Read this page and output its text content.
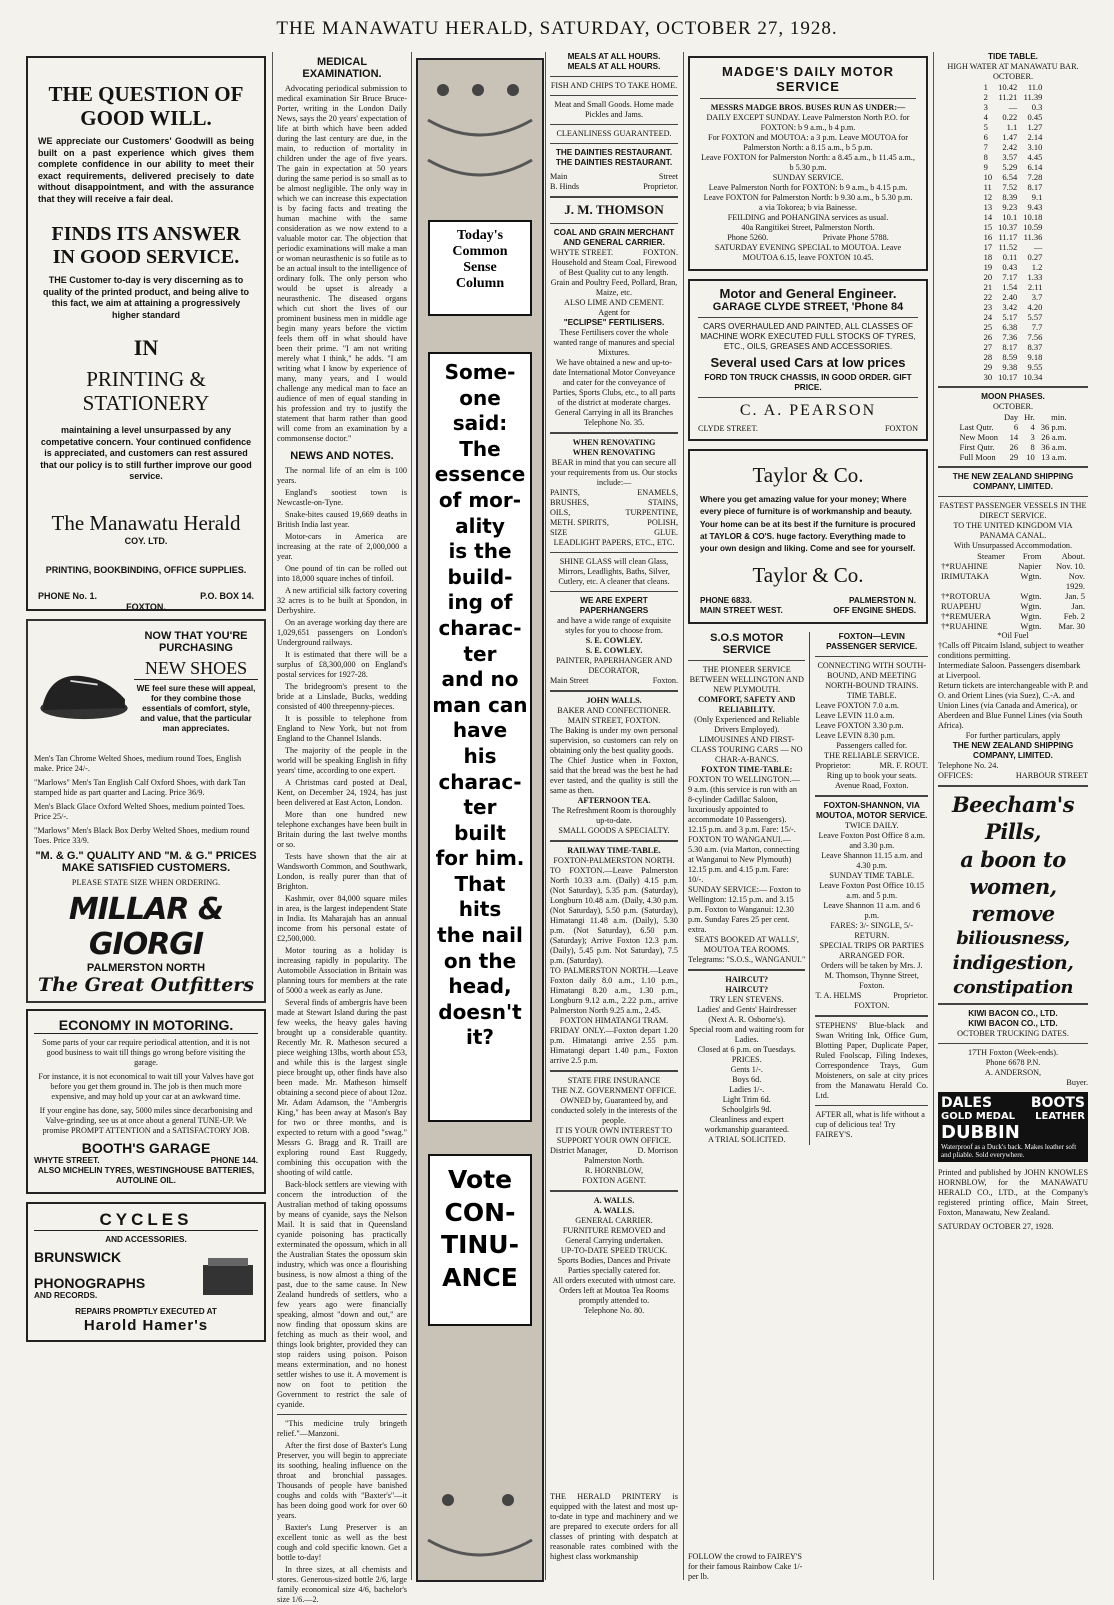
THE MANAWATU HERALD, SATURDAY, OCTOBER 27, 1928.
THE QUESTION OF GOOD WILL.

WE appreciate our Customers' Goodwill as being built on a past experience which gives them complete confidence in our ability to meet their exact requirements, delivered precisely to date without disappointment, and with the assurance that they will receive a fair deal.

FINDS ITS ANSWER IN GOOD SERVICE.

THE Customer to-day is very discerning as to quality of the printed product, and being alive to this fact, we aim at attaining a progressively higher standard

IN
PRINTING & STATIONERY

maintaining a level unsurpassed by any competative concern. Your continued confidence is appreciated, and customers can rest assured that our policy is to still further improve our good service.

The Manawatu Herald
COY. LTD.
PRINTING, BOOKBINDING, OFFICE SUPPLIES.
PHONE No. 1.	P.O. BOX 14.
FOXTON.
NOW THAT YOU'RE PURCHASING
NEW SHOES

WE feel sure these will appeal, for they combine those essentials of comfort, style, and value, that the particular man appreciates.

Men's Tan Chrome Welted Shoes, medium round Toes, English make. Price 24/-.

"Marlows" Men's Tan English Calf Oxford Shoes, with dark Tan stamped hide as part quarter and Lacing. Price 36/9.

Men's Black Glace Oxford Welted Shoes, medium pointed Toes. Price 25/-.

"Marlows" Men's Black Box Derby Welted Shoes, medium round Toes. Price 33/9.

"M. & G." QUALITY AND "M. & G." PRICES MAKE SATISFIED CUSTOMERS.
PLEASE STATE SIZE WHEN ORDERING.
MILLAR & GIORGI
PALMERSTON NORTH
The Great Outfitters
ECONOMY IN MOTORING.

Some parts of your car require periodical attention, and it is not good business to wait till things go wrong before visiting the garage.

For instance, it is not economical to wait till your Valves have got before you get them ground in. The job is then much more expensive, and may hold up your car at an awkward time.

If your engine has done, say, 5000 miles since decarbonising and Valve-grinding, see us at once about a general TUNE-UP. We promise PROMPT ATTENTION and a SATISFACTORY JOB.

BOOTH'S GARAGE
WHYTE STREET.	PHONE 144.
ALSO MICHELIN TYRES, WESTINGHOUSE BATTERIES, AUTOLINE OIL.
CYCLES
AND ACCESSORIES.
BRUNSWICK
PHONOGRAPHS
AND RECORDS.
REPAIRS PROMPTLY EXECUTED AT
Harold Hamer's
MEDICAL EXAMINATION.

Advocating periodical submission to medical examination Sir Bruce Bruce-Porter, writing in the London Daily News, says the 20 years' expectation of life at birth which have been added during the last century are due, in the main, to reduction of mortality in children under the age of five years. The gain in expectation at 50 years during the same period is so small as to be almost negligible. The only way in which we can increase this expectation is by facing facts and treating the human machine with the same consideration as we now extend to a valuable motor car. The objection that periodic examinations will make a man or woman neurasthenic is so futile as to be an actual insult to the intelligence of ordinary folk. The only person who would be upset is already a neurasthenic. The diseased organs which cut short the lives of our prominent business men in middle age begin many years before the victim feels them off in what should have been their prime. "I am not writing merely what I think," he adds. "I am writing what I know by experience of many, many years, and I would challenge any medical man to face an audience of men of equal standing in his profession and try to justify the statement that harm rather than good will come from an examination by a commonsense doctor."

NEWS AND NOTES.

The normal life of an elm is 100 years.

England's sootiest town is Newcastle-on-Tyne.

Snake-bites caused 19,669 deaths in British India last year.

Motor-cars in America are increasing at the rate of 2,000,000 a year.

One pound of tin can be rolled out into 18,000 square inches of tinfoil.

A new artificial silk factory covering 32 acres is to be built at Spondon, in Derbyshire.

On an average working day there are 1,029,651 passengers on London's Underground railways.

It is estimated that there will be a surplus of £8,300,000 on England's postal services for 1927-28.

The bridegroom's present to the bride at a Linslade, Bucks, wedding consisted of 400 threepenny-pieces.

It is possible to telephone from England to New York, but not from England to the Channel Islands.

The majority of the people in the world will be speaking English in fifty years' time, according to one expert.

A Christmas card posted at Deal, Kent, on December 24, 1924, has just been delivered at East Acton, London.

More than one hundred new telephone exchanges have been built in Britain during the last twelve months or so.

Tests have shown that the air at Wandsworth Common, and Southwark, London, is really purer than that of Brighton.

Kashmir, over 84,000 square miles in area, is the largest independent State in India. Its Maharajah has an annual income from his personal estate of £2,500,000.

Motor touring as a holiday is increasing rapidly in popularity. The Automobile Association in Britain was planning tours for members at the rate of 5000 a week as early as June.

Several finds of ambergris have been made at Stewart Island during the past few weeks, the heavy gales having brought up a considerable quantity. Recently Mr. R. Matheson secured a piece weighing 13lbs, worth about £53, and while this is the largest single piece brought up, other finds have also been made. Mr. Matheson himself obtaining a second piece of about 12oz. Mr. Adam Adamson, the "Ambergris King," has been away at Mason's Bay for two or three months, and is expected to return with a good "swag." Messrs G. Bragg and R. Traill are exploring round East Ruggedy, combining this occupation with the shooting of wild cattle.

Back-block settlers are viewing with concern the introduction of the Australian method of taking opossums by means of cyanide, says the Nelson Mail. It is said that in Queensland cyanide poisoning has practically exterminated the opossum, which in all the Australian States the opossum skin industry, which was once a flourishing business, is now almost a thing of the past, due to the same cause. In New Zealand hundreds of settlers, who a few years ago were financially speaking, almost "down and out," are now finding that opossum skins are fetching as much as their wool, and things look brighter, provided they can stop raiders using poison. Poison means extermination, and no honest settler wishes to use it. A movement is now on foot to petition the Government to restrict the sale of cyanide.

"This medicine truly bringeth relief."—Manzoni.

After the first dose of Baxter's Lung Preserver, you will begin to appreciate its soothing, healing influence on the throat and bronchial passages. Thousands of people have banished coughs and colds with "Baxter's"—it has been doing good work for over 60 years.

Baxter's Lung Preserver is an excellent tonic as well as the best cough and cold specific known. Get a bottle to-day!

In three sizes, at all chemists and stores. Generous-sized bottle 2/6, large family economical size 4/6, bachelor's size 1/6.—2.

Today's
Common
Sense
Column
Some-
one
said:
The
essence
of mor-
ality
is the
build-
ing of
charac-
ter
and no
man can
have
his
charac-
ter
built
for him.
That
hits
the nail
on the
head,
doesn't
it?
Vote
CON-
TINU-
ANCE
MEALS AT ALL HOURS.
MEALS AT ALL HOURS.
FISH AND CHIPS TO TAKE HOME.
Meat and Small Goods. Home made Pickles and Jams.
CLEANLINESS GUARANTEED.
THE DAINTIES RESTAURANT.
THE DAINTIES RESTAURANT.
Main	Street
B. Hinds	Proprietor.
J. M. THOMSON
COAL AND GRAIN MERCHANT AND GENERAL CARRIER.
WHYTE STREET.	FOXTON.
Household and Steam Coal, Firewood of Best Quality cut to any length.
Grain and Poultry Feed, Pollard, Bran, Maize, etc.
ALSO LIME AND CEMENT.
Agent for
"ECLIPSE" FERTILISERS.
These Fertilisers cover the whole wanted range of manures and special Mixtures.
We have obtained a new and up-to-date International Motor Conveyance and cater for the conveyance of Parties, Sports Clubs, etc., to all parts of the district at moderate charges.
General Carrying in all its Branches Telephone No. 35.
WHEN RENOVATING
WHEN RENOVATING
BEAR in mind that you can secure all your requirements from us. Our stocks include:—
PAINTS,	ENAMELS,
BRUSHES,	STAINS,
OILS,	TURPENTINE,
METH. SPIRITS,	POLISH,
SIZE	GLUE.
LEADLIGHT PAPERS, ETC., ETC.
SHINE GLASS will clean Glass, Mirrors, Leadlights, Baths, Silver, Cutlery, etc. A cleaner that cleans.
WE ARE EXPERT PAPERHANGERS
and have a wide range of exquisite styles for you to choose from.
S. E. COWLEY.
S. E. COWLEY.
PAINTER, PAPERHANGER AND DECORATOR,
Main Street	Foxton.
JOHN WALLS.
BAKER AND CONFECTIONER.
MAIN STREET, FOXTON.
The Baking is under my own personal supervision, so customers can rely on obtaining only the best quality goods.
The Chief Justice when in Foxton, said that the bread was the best he had ever tasted, and the quality is still the same as then.
AFTERNOON TEA.
The Refreshment Room is thoroughly up-to-date.
SMALL GOODS A SPECIALTY.
RAILWAY TIME-TABLE.
FOXTON-PALMERSTON NORTH.
TO FOXTON.—Leave Palmerston North 10.33 a.m. (Daily) 4.15 p.m. (Not Saturday), 5.35 p.m. (Saturday), Longburn 10.48 a.m. (Daily, 4.30 p.m. (Not Saturday), 5.50 p.m. (Saturday), Himatangi 11.48 a.m. (Daily), 5.30 p.m. (Not Saturday), 6.50 p.m. (Saturday); Arrive Foxton 12.3 p.m. (Daily), 5.45 p.m. Not Saturday), 7.5 p.m. (Saturday).
TO PALMERSTON NORTH.—Leave Foxton daily 8.0 a.m., 1.10 p.m., Himatangi 8.20 a.m., 1.30 p.m., Longburn 9.12 a.m., 2.22 p.m., arrive Palmerston North 9.25 a.m., 2.45.
FOXTON HIMATANGI TRAM.
FRIDAY ONLY.—Foxton depart 1.20 p.m. Himatangi arrive 2.55 p.m. Himatangi depart 1.40 p.m., Foxton arrive 2.5 p.m.
STATE FIRE INSURANCE
THE N.Z. GOVERNMENT OFFICE.
OWNED by, Guaranteed by, and conducted solely in the interests of the people.
IT IS YOUR OWN INTEREST TO SUPPORT YOUR OWN OFFICE.
District Manager,	D. Morrison
Palmerston North.
R. HORNBLOW,
FOXTON AGENT.
A. WALLS.
A. WALLS.
GENERAL CARRIER.
FURNITURE REMOVED and General Carrying undertaken.
UP-TO-DATE SPEED TRUCK.
Sports Bodies, Dances and Private Parties specially catered for.
All orders executed with utmost care.
Orders left at Moutoa Tea Rooms promptly attended to.
Telephone No. 80.
MADGE'S DAILY MOTOR SERVICE
MESSRS MADGE BROS. BUSES RUN AS UNDER:—
DAILY EXCEPT SUNDAY. Leave Palmerston North P.O. for FOXTON: b 9 a.m., b 4 p.m.
For FOXTON and MOUTOA: a 3 p.m. Leave MOUTOA for Palmerston North: a 8.15 a.m., b 5 p.m.
Leave FOXTON for Palmerston North: a 8.45 a.m., b 11.45 a.m., b 5.30 p.m.
SUNDAY SERVICE.
Leave Palmerston North for FOXTON: b 9 a.m., b 4.15 p.m.
Leave FOXTON for Palmerston North: b 9.30 a.m., b 5.30 p.m.
a via Tokorea; b via Bainesse.
FEILDING and POHANGINA services as usual.
40a Rangitikei Street, Palmerston North.
Phone 5260.	Private Phone 5788.
SATURDAY EVENING SPECIAL to MOUTOA. Leave MOUTOA 6.15, leave FOXTON 10.45.
Motor and General Engineer.
GARAGE CLYDE STREET, 'Phone 84
CARS OVERHAULED AND PAINTED, ALL CLASSES OF MACHINE WORK EXECUTED FULL STOCKS OF TYRES, ETC., OILS, GREASES AND ACCESSORIES.
Several used Cars at low prices
FORD TON TRUCK CHASSIS, IN GOOD ORDER. GIFT PRICE.
C. A. PEARSON
CLYDE STREET.	FOXTON
Taylor & Co.
Where you get amazing value for your money; Where every piece of furniture is of workmanship and beauty. Your home can be at its best if the furniture is procured at TAYLOR & CO'S. huge factory. Everything made to your own design and liking. Come and see for yourself.
Taylor & Co.
PHONE 6833.	PALMERSTON N.
MAIN STREET WEST.	OFF ENGINE SHEDS.
S.O.S MOTOR SERVICE
THE PIONEER SERVICE BETWEEN WELLINGTON AND NEW PLYMOUTH.
COMFORT, SAFETY AND RELIABILITY.
(Only Experienced and Reliable Drivers Employed).
LIMOUSINES AND FIRST-CLASS TOURING CARS — NO CHAR-A-BANCS.
FOXTON TIME-TABLE:
FOXTON TO WELLINGTON.— 9 a.m. (this service is run with an 8-cylinder Cadillac Saloon, luxuriously appointed to accommodate 10 Passengers). 12.15 p.m. and 3 p.m. Fare: 15/-.
FOXTON TO WANGANUI.— 5.30 a.m. (via Marton, connecting at Wanganui to New Plymouth) 12.15 p.m. and 4.15 p.m. Fare: 10/-.
SUNDAY SERVICE:— Foxton to Wellington: 12.15 p.m. and 3.15 p.m. Foxton to Wanganui: 12.30 p.m. Sunday Fares 25 per cent. extra.
SEATS BOOKED AT WALLS', MOUTOA TEA ROOMS.
Telegrams: "S.O.S., WANGANUI."
HAIRCUT?
HAIRCUT?
TRY LEN STEVENS.
Ladies' and Gents' Hairdresser (Next A. R. Osborne's).
Special room and waiting room for Ladies.
Closed at 6 p.m. on Tuesdays.
PRICES.
Gents 1/-.
Boys 6d.
Ladies 1/-.
Light Trim 6d.
Schoolgirls 9d.
Cleanliness and expert workmanship guaranteed.
A TRIAL SOLICITED.
FOXTON—LEVIN PASSENGER SERVICE.
CONNECTING WITH SOUTH-BOUND, AND MEETING NORTH-BOUND TRAINS.
TIME TABLE.
Leave FOXTON 7.0 a.m.
Leave LEVIN 11.0 a.m.
Leave FOXTON 3.30 p.m.
Leave LEVIN 8.30 p.m.
Passengers called for.
THE RELIABLE SERVICE.
Proprietor:	MR. F. ROUT.
Ring up to book your seats. Avenue Road, Foxton.
FOXTON-SHANNON, VIA MOUTOA, MOTOR SERVICE.
TWICE DAILY.
Leave Foxton Post Office 8 a.m. and 3.30 p.m.
Leave Shannon 11.15 a.m. and 4.30 p.m.
SUNDAY TIME TABLE.
Leave Foxton Post Office 10.15 a.m. and 5 p.m.
Leave Shannon 11 a.m. and 6 p.m.
FARES: 3/- SINGLE, 5/- RETURN.
SPECIAL TRIPS OR PARTIES ARRANGED FOR.
Orders will be taken by Mrs. J. M. Thomson, Thynne Street, Foxton.
T. A. HELMS	Proprietor.
FOXTON.
STEPHENS' Blue-black and Swan Writing Ink, Office Gum, Blotting Paper, Duplicate Paper, Ruled Foolscap, Filing Indexes, Correspondence Trays, Gum Moisteners, on sale at city prices from the Manawatu Herald Co. Ltd.
AFTER all, what is life without a cup of delicious tea! Try FAIREY'S.
THE HERALD PRINTERY is equipped with the latest and most up-to-date in type and machinery and we are prepared to execute orders for all classes of printing with despatch at reasonable rates combined with the highest class workmanship	FOLLOW the crowd to FAIREY'S for their famous Rainbow Cake 1/- per lb.
TIDE TABLE.
HIGH WATER AT MANAWATU BAR.
OCTOBER.
1	10.42	11.0
2	11.21	11.39
3	—	0.3
4	0.22	0.45
5	1.1	1.27
6	1.47	2.14
7	2.42	3.10
8	3.57	4.45
9	5.29	6.14
10	6.54	7.28
11	7.52	8.17
12	8.39	9.1
13	9.23	9.43
14	10.1	10.18
15	10.37	10.59
16	11.17	11.36
17	11.52	—
18	0.11	0.27
19	0.43	1.2
20	7.17	1.33
21	1.54	2.11
22	2.40	3.7
23	3.42	4.20
24	5.17	5.57
25	6.38	7.7
26	7.36	7.56
27	8.17	8.37
28	8.59	9.18
29	9.38	9.55
30	10.17	10.34
MOON PHASES.
OCTOBER.
	Day	Hr.	min.
Last Qutr.	6	4	36 p.m.
New Moon	14	3	26 a.m.
First Qutr.	26	8	36 a.m.
Full Moon	29	10	13 a.m.
THE NEW ZEALAND SHIPPING COMPANY, LIMITED.
FASTEST PASSENGER VESSELS IN THE DIRECT SERVICE.
TO THE UNITED KINGDOM VIA PANAMA CANAL.
With Unsurpassed Accommodation.
Steamer	From	About.
†*RUAHINE	Napier	Nov. 10.
IRIMUTAKA	Wgtn.	Nov.
		1929.
†*ROTORUA	Wgtn.	Jan. 5
RUAPEHU	Wgtn.	Jan.
†*REMUERA	Wgtn.	Feb. 2
†*RUAHINE	Wgtn.	Mar. 30
*Oil Fuel
†Calls off Pitcairn Island, subject to weather conditions permitting.
Intermediate Saloon. Passengers disembark at Liverpool.
Return tickets are interchangeable with P. and O. and Orient Lines (via Suez), C.-A. and Union Lines (via Canada and America), or Aberdeen and Blue Funnel Lines (via South Africa).
For further particulars, apply
THE NEW ZEALAND SHIPPING COMPANY, LIMITED.
Telephone No. 24.
OFFICES:	HARBOUR STREET
Beecham's
Pills,
a boon to
women,
remove
biliousness,
indigestion,
constipation
KIWI BACON CO., LTD.
KIWI BACON CO., LTD.
OCTOBER TRUCKING DATES.
17TH Foxton (Week-ends).
Phone 6678 P.N.
A. ANDERSON,
Buyer.
DALES	BOOTS
GOLD MEDAL LEATHER
DUBBIN
Waterproof as a Duck's back. Makes leather soft and pliable. Sold everywhere.
Printed and published by JOHN KNOWLES HORNBLOW, for the MANAWATU HERALD CO., LTD., at the Company's registered printing office, Main Street, Foxton, Manawatu, New Zealand.
SATURDAY OCTOBER 27, 1928.
